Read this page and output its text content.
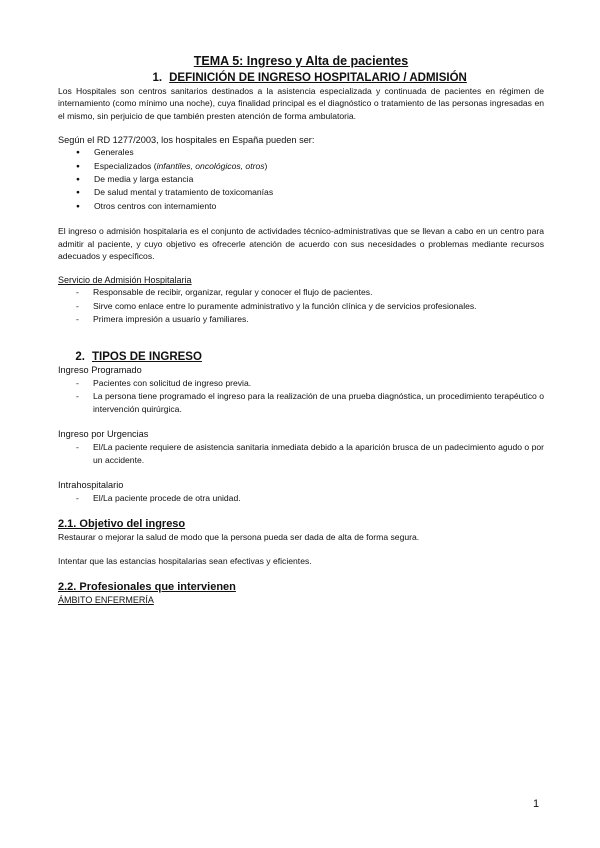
TEMA 5: Ingreso y Alta de pacientes
1. DEFINICIÓN DE INGRESO HOSPITALARIO / ADMISIÓN

Los Hospitales son centros sanitarios destinados a la asistencia especializada y continuada de pacientes en régimen de internamiento (como mínimo una noche), cuya finalidad principal es el diagnóstico o tratamiento de las personas ingresadas en el mismo, sin perjuicio de que también presten atención de forma ambulatoria.

Según el RD 1277/2003, los hospitales en España pueden ser:

● Generales
● Especializados (infantiles, oncológicos, otros)
● De media y larga estancia
● De salud mental y tratamiento de toxicomanías
● Otros centros con internamiento

El ingreso o admisión hospitalaria es el conjunto de actividades técnico-administrativas que se llevan a cabo en un centro para admitir al paciente, y cuyo objetivo es ofrecerle atención de acuerdo con sus necesidades o problemas mediante recursos adecuados y específicos.

Servicio de Admisión Hospitalaria

- Responsable de recibir, organizar, regular y conocer el flujo de pacientes.
- Sirve como enlace entre lo puramente administrativo y la función clínica y de servicios profesionales.
- Primera impresión a usuario y familiares.
2. TIPOS DE INGRESO

Ingreso Programado

- Pacientes con solicitud de ingreso previa.
- La persona tiene programado el ingreso para la realización de una prueba diagnóstica, un procedimiento terapéutico o intervención quirúrgica.

Ingreso por Urgencias

- El/La paciente requiere de asistencia sanitaria inmediata debido a la aparición brusca de un padecimiento agudo o por un accidente.

Intrahospitalario

- El/La paciente procede de otra unidad.

2.1. Objetivo del ingreso

Restaurar o mejorar la salud de modo que la persona pueda ser dada de alta de forma segura.

Intentar que las estancias hospitalarias sean efectivas y eficientes.

2.2. Profesionales que intervienen

ÁMBITO ENFERMERÍA

1
